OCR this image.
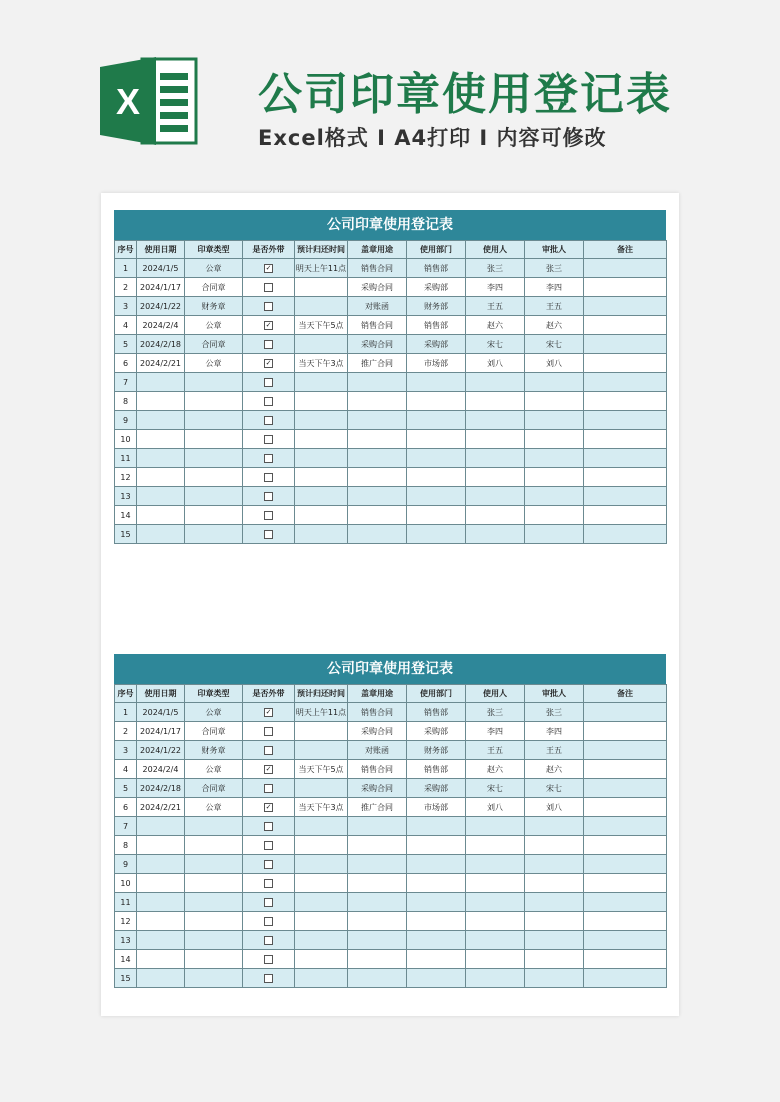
X	公司印章使用登记表
Excel格式 I A4打印 I 内容可修改
公司印章使用登记表
序号	使用日期	印章类型	是否外带	预计归还时间	盖章用途	使用部门	使用人	审批人	备注
1	2024/1/5	公章	✓	明天上午11点	销售合同	销售部	张三	张三	
2	2024/1/17	合同章			采购合同	采购部	李四	李四	
3	2024/1/22	财务章			对账函	财务部	王五	王五	
4	2024/2/4	公章	✓	当天下午5点	销售合同	销售部	赵六	赵六	
5	2024/2/18	合同章			采购合同	采购部	宋七	宋七	
6	2024/2/21	公章	✓	当天下午3点	推广合同	市场部	刘八	刘八	
7									
8									
9									
10									
11									
12									
13									
14									
15									
公司印章使用登记表
序号	使用日期	印章类型	是否外带	预计归还时间	盖章用途	使用部门	使用人	审批人	备注
1	2024/1/5	公章	✓	明天上午11点	销售合同	销售部	张三	张三	
2	2024/1/17	合同章			采购合同	采购部	李四	李四	
3	2024/1/22	财务章			对账函	财务部	王五	王五	
4	2024/2/4	公章	✓	当天下午5点	销售合同	销售部	赵六	赵六	
5	2024/2/18	合同章			采购合同	采购部	宋七	宋七	
6	2024/2/21	公章	✓	当天下午3点	推广合同	市场部	刘八	刘八	
7									
8									
9									
10									
11									
12									
13									
14									
15									
